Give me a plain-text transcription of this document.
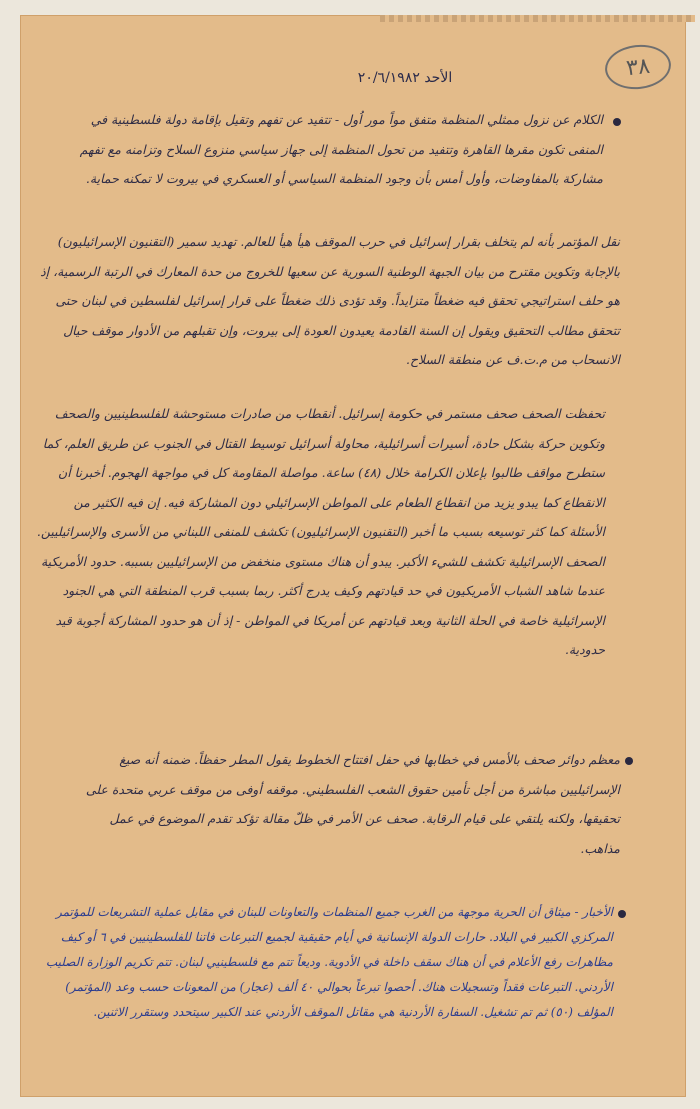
٣٨
الأحد ٢٠/٦/١٩٨٢

الكلام عن نزول ممثلي المنظمة متفق مواً مور اُول - تتفيد عن تفهم وتقيل بإقامة دولة فلسطينية في المنفى تكون مقرها القاهرة وتتفيد من تحول المنظمة إلى جهاز سياسي منزوع السلاح وتزامنه مع تفهم مشاركة بالمفاوضات، وأول أمس بأن وجود المنظمة السياسي أو العسكري في بيروت لا تمكنه حماية.

نقل المؤتمر بأنه لم يتخلف بقرار إسرائيل في حرب الموقف هيأ هيأ للعالم. تهديد سمير (التقنيون الإسرائيليون) بالإجابة وتكوين مقترح من بيان الجبهة الوطنية السورية عن سعيها للخروج من حدة المعارك في الرتبة الرسمية، إذ هو حلف استراتيجي تحقق فيه ضغطاً متزايداً. وقد تؤدى ذلك ضغطاً على قرار إسرائيل لفلسطين في لبنان حتى تتحقق مطالب التحقيق ويقول إن السنة القادمة يعيدون العودة إلى بيروت، وإن تقبلهم من الأدوار موقف حيال الانسحاب من م.ت.ف عن منطقة السلاح.

تحفظت الصحف صحف مستمر في حكومة إسرائيل. أنقطاب من صادرات مستوحشة للفلسطينيين والصحف وتكوين حركة بشكل حادة، أسيرات أسرائيلية، محاولة أسرائيل توسيط القتال في الجنوب عن طريق العلم، كما ستطرح مواقف طالبوا بإعلان الكرامة خلال (٤٨) ساعة. مواصلة المقاومة كل في مواجهة الهجوم. أخبرنا أن الانقطاع كما يبدو يزيد من انقطاع الطعام على المواطن الإسرائيلي دون المشاركة فيه. إن فيه الكثير من الأسئلة كما كثر توسيعه بسبب ما أخبر (التقنيون الإسرائيليون) تكشف للمنفى اللبناني من الأسرى والإسرائيليين. الصحف الإسرائيلية تكشف للشيء الأكبر. يبدو أن هناك مستوى منخفض من الإسرائيليين بسببه. حدود الأمريكية عندما شاهد الشباب الأمريكيون في حد قيادتهم وكيف يدرج أكثر. ربما بسبب قرب المنطقة التي هي الجنود الإسرائيلية خاصة في الحلة الثانية وبعد قيادتهم عن أمريكا في المواطن - إذ أن هو حدود المشاركة أجوبة قيد حدودية.

معظم دوائر صحف بالأمس في خطابها في حفل افتتاح الخطوط يقول المطر حفظاً. ضمنه أنه صيغ الإسرائيليين مباشرة من أجل تأمين حقوق الشعب الفلسطيني. موقفه أوفى من موقف عربي متحدة على تحقيقها، ولكنه يلتقي على قيام الرقابة. صحف عن الأمر في ظلّ مقالة تؤكد تقدم الموضوع في عمل مذاهب.

الأخبار - ميثاق أن الحرية موجهة من الغرب جميع المنظمات والتعاونات للبنان في مقابل عملية التشريعات للمؤتمر المركزي الكبير في البلاد. حارات الدولة الإنسانية في أيام حقيقية لجميع التبرعات فاتنا للفلسطينيين في ٦ أو كيف مظاهرات رفع الأعلام في أن هناك سقف داخلة في الأدوية. وديعاً تتم مع فلسطينيي لبنان. تتم تكريم الوزارة الصليب الأردني. التبرعات فقداً وتسجيلات هناك. أحصوا تبرعاً بحوالي ٤٠ ألف (عجار) من المعونات حسب وعد (المؤتمر) المؤلف (٥٠) ثم تم تشغيل. السفارة الأردنية هي مقاتل الموقف الأردني عند الكبير سيتحدد وستقرر الاثنين.
